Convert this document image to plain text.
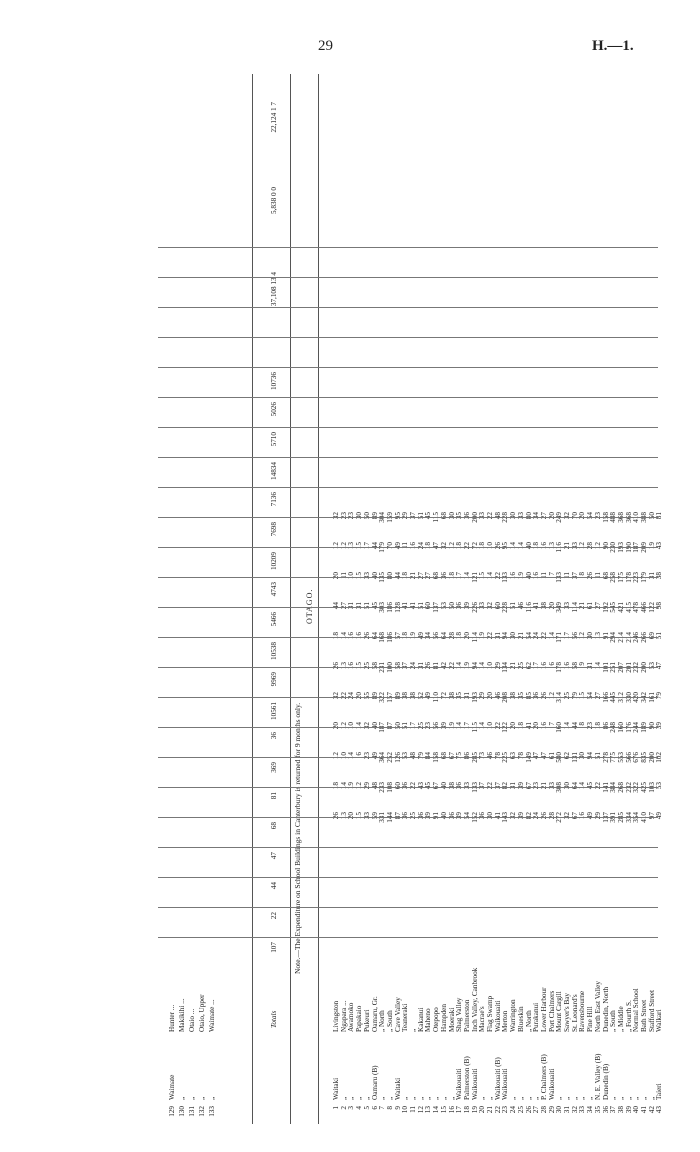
29	H.—1.
Note.—The Expenditure on School Buildings in Canterbury is returned for 9 months only.
OTAGO.
Totals
107
22
44
47
68
81
369
36
10561
9969
10538
5466
4743
10209
7698
7136
14834
5710
5026
10736
37,108 13 4
5,838 0 0
22,124 1 7
129
Waimate
Hunter ...
130
„
Makikihi ...
131
„
Otaio ...
132
„
Otaio, Upper
133
„
Waimate ...
1
Waitaki
Livingston
26
18
12
20
32
26
18
44
20
12
32
2
„
Ngapara ...
13
14
10
12
22
13
14
27
11
12
23
3
„
Awamoko
20
19
14
10
24
16
16
31
10
13
23
4
„
Papakaio
15
12
6
14
20
15
16
31
15
15
30
5
„
Pukeuri
33
29
23
32
55
25
26
51
33
17
50
6
Oamaru (B)
Oamaru, Gr.
59
48
49
40
89
58
64
45
40
44
89
7
„
„ North
331
233
364
187
322
231
168
303
135
179
304
8
„
„ South
144
108
252
87
157
100
186
186
80
70
159
9
Waitaki
Cave Valley
87
60
126
50
89
58
57
128
44
49
95
10
„
Teaneraki
36
36
53
51
38
37
18
41
18
11
29
11
„
„
25
22
48
17
38
24
19
41
21
16
37
12
„
Kakanui
36
43
79
25
52
31
49
51
27
24
51
13
„
Maheno
39
45
84
23
49
26
34
60
27
18
45
14
„
Otepopo
91
67
158
56
110
81
56
137
68
47
115
15
„
Hampden
40
40
68
39
72
42
64
53
36
32
68
16
„
Moeraki
36
38
67
19
38
22
28
50
18
12
30
17
Waikouaiti
Shag Valley
39
36
75
14
35
14
18
36
17
18
35
18
Palmerston (B)
Palmerston
54
33
86
17
31
19
20
39
14
22
36
19
Waikouaiti
Inch Valley, Canbrook
152
133
285
115
193
94
114
226
121
72
200
20
„
Macrae's
36
37
73
14
29
14
19
33
15
18
33
21
„
Flag Swamp
30
22
46
10
20
10
22
32
14
10
22
22
Waikouaiti (B)
Waikouaiti
41
37
78
22
46
29
31
60
22
26
48
23
Waikouaiti
Merton
143
82
225
122
208
134
94
228
133
95
228
24
„
Warrington
32
31
63
20
38
21
30
51
16
14
30
25
„
Blueskin
39
39
78
18
35
25
21
46
19
14
33
26
„
„ North
82
67
149
41
85
62
54
116
40
40
80
27
„
Purakanui
24
23
47
20
36
17
24
41
16
18
34
28
P. Chalmers (B)
Lower Harbour
26
21
47
16
26
16
22
38
11
16
27
29
Waikouaiti
Port Chalmers
28
33
61
7
12
6
14
20
7
13
20
30
„
Mount Cargill
272
308
580
160
314
178
171
349
133
116
249
31
„
Sawyer's Bay
32
30
62
14
25
16
17
33
11
21
32
32
„
St. Leonard's
67
64
131
44
79
58
56
114
37
33
70
33
„
Ravensbourne
16
14
30
8
15
9
12
21
8
12
20
34
„
Pine Hill
49
45
94
23
54
31
30
61
26
28
54
35
N. E. Valley (B)
North East Valley
29
22
51
18
27
14
13
27
11
12
23
36
Dunedin (B)
Dunedin, North
137
141
278
86
166
101
91
192
68
90
158
37
„
„ South
391
384
775
248
445
251
294
545
258
230
488
38
„
„ Middle
285
268
553
160
312
207
214
421
175
193
368
39
„
„ Fourth S.
334
232
566
176
330
201
214
415
178
190
368
40
„
Normal School
354
322
676
244
420
232
246
478
223
187
410
41
„
Bath Street
410
425
835
189
342
200
266
466
179
209
388
42
„
Stafford Street
97
103
200
90
161
53
69
122
31
19
50
43
Taieri
Walkari
49
53
102
39
79
47
51
98
38
43
81
